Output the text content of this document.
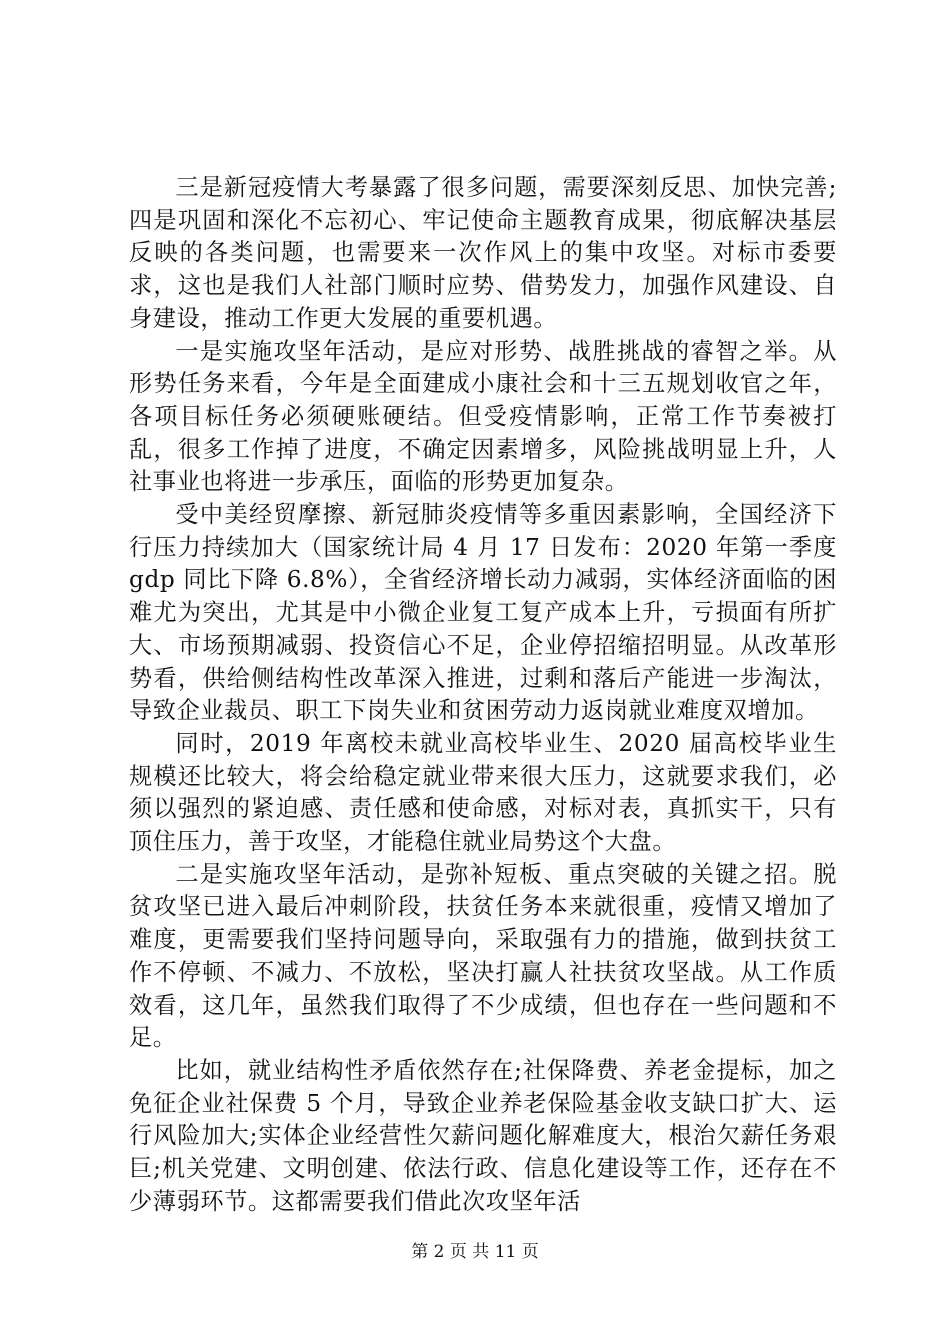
三是新冠疫情大考暴露了很多问题，需要深刻反思、加快完善;四是巩固和深化不忘初心、牢记使命主题教育成果，彻底解决基层反映的各类问题，也需要来一次作风上的集中攻坚。对标市委要求，这也是我们人社部门顺时应势、借势发力，加强作风建设、自身建设，推动工作更大发展的重要机遇。

一是实施攻坚年活动，是应对形势、战胜挑战的睿智之举。从形势任务来看，今年是全面建成小康社会和十三五规划收官之年，各项目标任务必须硬账硬结。但受疫情影响，正常工作节奏被打乱，很多工作掉了进度，不确定因素增多，风险挑战明显上升，人社事业也将进一步承压，面临的形势更加复杂。

受中美经贸摩擦、新冠肺炎疫情等多重因素影响，全国经济下行压力持续加大（国家统计局 4 月 17 日发布：2020 年第一季度 gdp 同比下降 6.8%），全省经济增长动力减弱，实体经济面临的困难尤为突出，尤其是中小微企业复工复产成本上升，亏损面有所扩大、市场预期减弱、投资信心不足，企业停招缩招明显。从改革形势看，供给侧结构性改革深入推进，过剩和落后产能进一步淘汰，导致企业裁员、职工下岗失业和贫困劳动力返岗就业难度双增加。

同时，2019 年离校未就业高校毕业生、2020 届高校毕业生规模还比较大，将会给稳定就业带来很大压力，这就要求我们，必须以强烈的紧迫感、责任感和使命感，对标对表，真抓实干，只有顶住压力，善于攻坚，才能稳住就业局势这个大盘。

二是实施攻坚年活动，是弥补短板、重点突破的关键之招。脱贫攻坚已进入最后冲刺阶段，扶贫任务本来就很重，疫情又增加了难度，更需要我们坚持问题导向，采取强有力的措施，做到扶贫工作不停顿、不减力、不放松，坚决打赢人社扶贫攻坚战。从工作质效看，这几年，虽然我们取得了不少成绩，但也存在一些问题和不足。

比如，就业结构性矛盾依然存在;社保降费、养老金提标，加之免征企业社保费 5 个月，导致企业养老保险基金收支缺口扩大、运行风险加大;实体企业经营性欠薪问题化解难度大，根治欠薪任务艰巨;机关党建、文明创建、依法行政、信息化建设等工作，还存在不少薄弱环节。这都需要我们借此次攻坚年活

第 2 页 共 11 页
